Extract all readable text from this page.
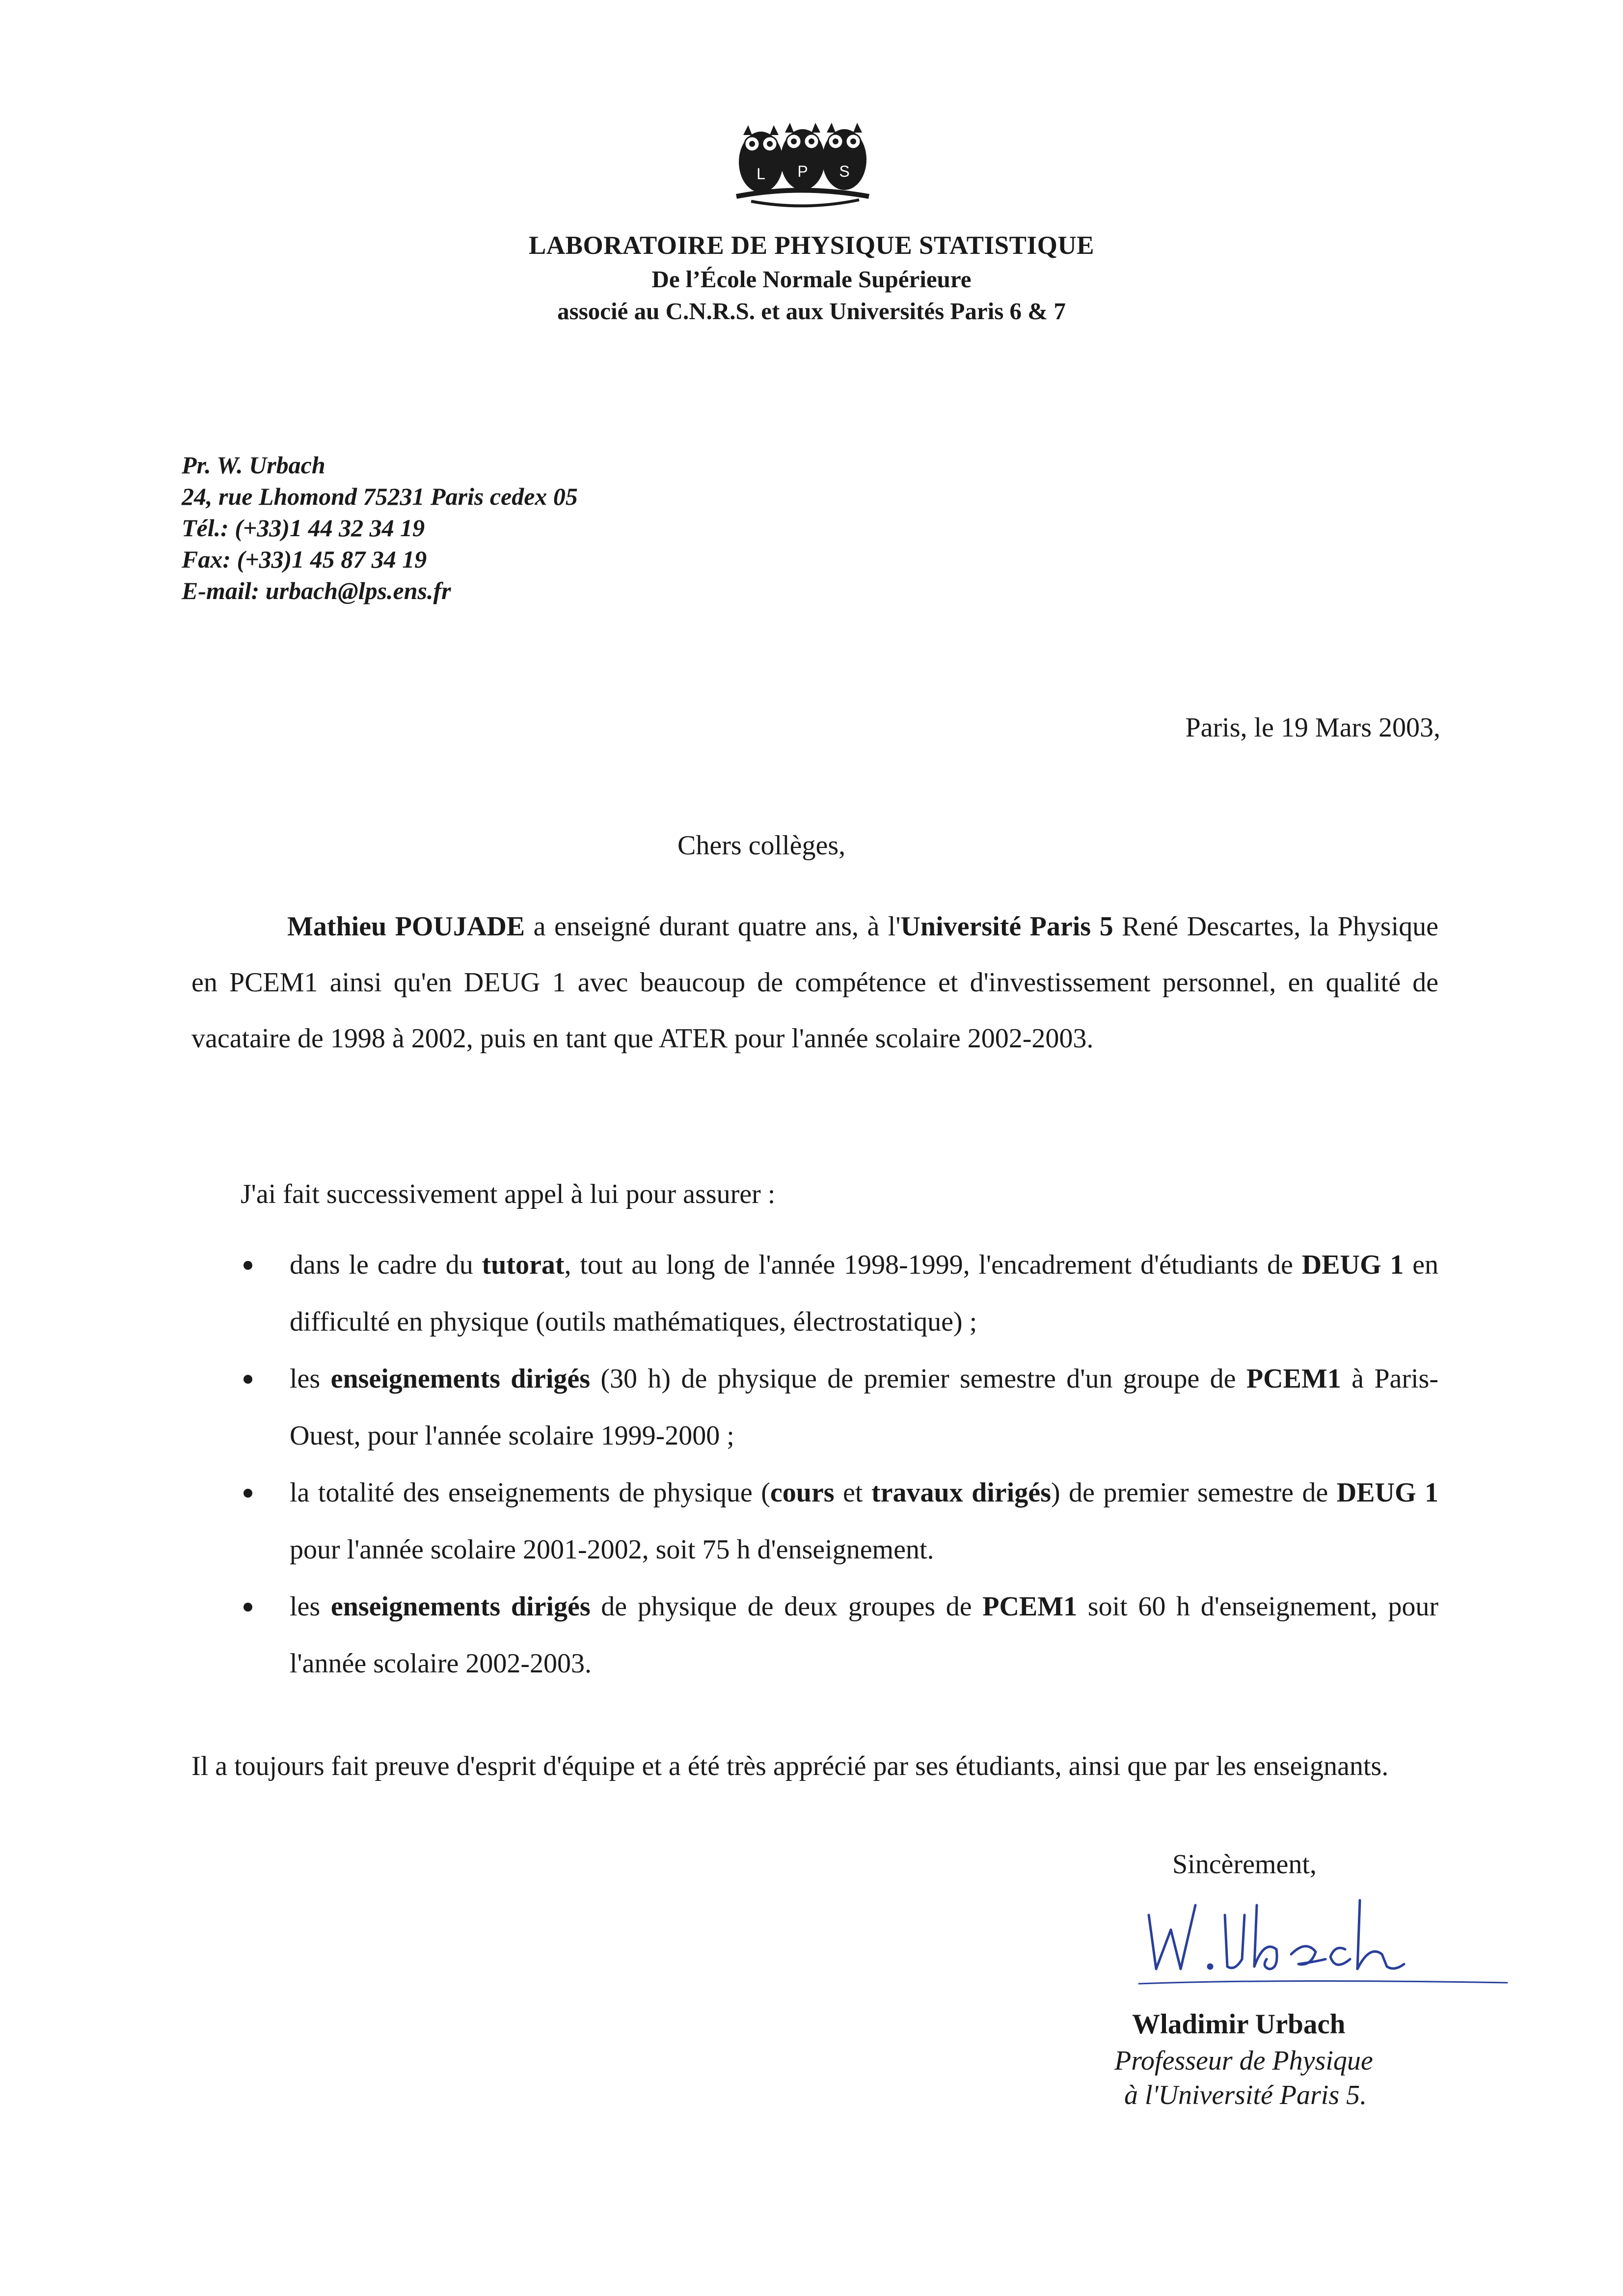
L P S
LABORATOIRE DE PHYSIQUE STATISTIQUE
De l’École Normale Supérieure
associé au C.N.R.S. et aux Universités Paris 6 & 7
Pr. W. Urbach
24, rue Lhomond 75231 Paris cedex 05
Tél.: (+33)1 44 32 34 19
Fax: (+33)1 45 87 34 19
E-mail: urbach@lps.ens.fr
Paris, le 19 Mars 2003,
Chers collèges,
Mathieu POUJADE a enseigné durant quatre ans, à l'Université Paris 5 René Descartes, la Physique en PCEM1 ainsi qu'en DEUG 1 avec beaucoup de compétence et d'investissement personnel, en qualité de vacataire de 1998 à 2002, puis en tant que ATER pour l'année scolaire 2002-2003.
J'ai fait successivement appel à lui pour assurer :
dans le cadre du tutorat, tout au long de l'année 1998-1999, l'encadrement d'étudiants de DEUG 1 en difficulté en physique (outils mathématiques, électrostatique) ;
les enseignements dirigés (30 h) de physique de premier semestre d'un groupe de PCEM1 à Paris-Ouest, pour l'année scolaire 1999-2000 ;
la totalité des enseignements de physique (cours et travaux dirigés) de premier semestre de DEUG 1 pour l'année scolaire 2001-2002, soit 75 h d'enseignement.
les enseignements dirigés de physique de deux groupes de PCEM1 soit 60 h d'enseignement, pour l'année scolaire 2002-2003.
Il a toujours fait preuve d'esprit d'équipe et a été très apprécié par ses étudiants, ainsi que par les enseignants.
Sincèrement,
Wladimir Urbach
Professeur de Physique
à l'Université Paris 5.
